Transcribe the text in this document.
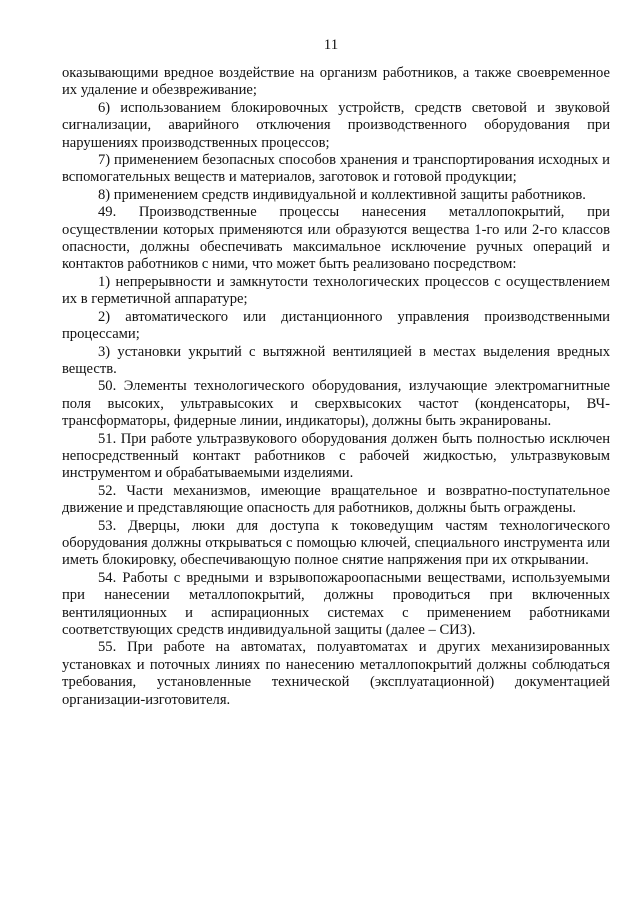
11

оказывающими вредное воздействие на организм работников, а также своевременное их удаление и обезвреживание;

6) использованием блокировочных устройств, средств световой и звуковой сигнализации, аварийного отключения производственного оборудования при нарушениях производственных процессов;

7) применением безопасных способов хранения и транспортирования исходных и вспомогательных веществ и материалов, заготовок и готовой продукции;

8) применением средств индивидуальной и коллективной защиты работников.

49. Производственные процессы нанесения металлопокрытий, при осуществлении которых применяются или образуются вещества 1-го или 2-го классов опасности, должны обеспечивать максимальное исключение ручных операций и контактов работников с ними, что может быть реализовано посредством:

1) непрерывности и замкнутости технологических процессов с осуществлением их в герметичной аппаратуре;

2) автоматического или дистанционного управления производственными процессами;

3) установки укрытий с вытяжной вентиляцией в местах выделения вредных веществ.

50. Элементы технологического оборудования, излучающие электромагнитные поля высоких, ультравысоких и сверхвысоких частот (конденсаторы, ВЧ-трансформаторы, фидерные линии, индикаторы), должны быть экранированы.

51. При работе ультразвукового оборудования должен быть полностью исключен непосредственный контакт работников с рабочей жидкостью, ультразвуковым инструментом и обрабатываемыми изделиями.

52. Части механизмов, имеющие вращательное и возвратно-поступательное движение и представляющие опасность для работников, должны быть ограждены.

53. Дверцы, люки для доступа к токоведущим частям технологического оборудования должны открываться с помощью ключей, специального инструмента или иметь блокировку, обеспечивающую полное снятие напряжения при их открывании.

54. Работы с вредными и взрывопожароопасными веществами, используемыми при нанесении металлопокрытий, должны проводиться при включенных вентиляционных и аспирационных системах с применением работниками соответствующих средств индивидуальной защиты (далее – СИЗ).

55. При работе на автоматах, полуавтоматах и других механизированных установках и поточных линиях по нанесению металлопокрытий должны соблюдаться требования, установленные технической (эксплуатационной) документацией организации-изготовителя.
